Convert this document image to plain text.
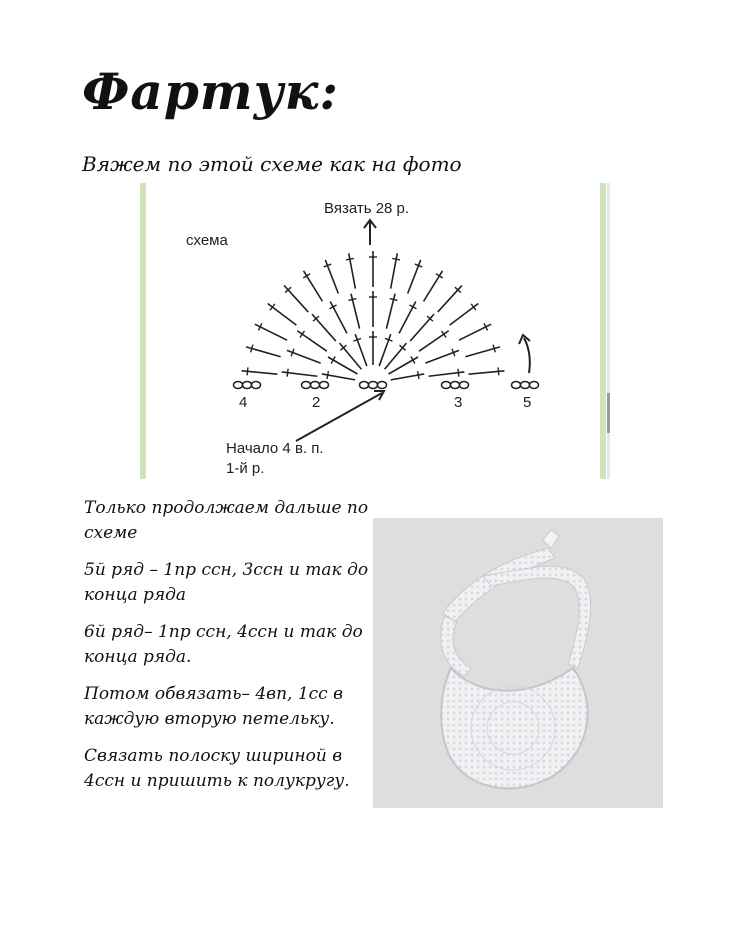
Фартук:
Вяжем по этой схеме как на фото
схема
Вязать 28 р.
4	2	3	5
Начало 4 в. п.
1-й р.

Только продолжаем дальше по схеме

5й ряд – 1пр ссн, 3ссн и так до конца ряда

6й ряд– 1пр ссн, 4ссн и так до конца ряда.

Потом обвязать– 4вп, 1сс в каждую вторую петельку.

Связать полоску шириной в 4ссн и пришить к полукругу.
